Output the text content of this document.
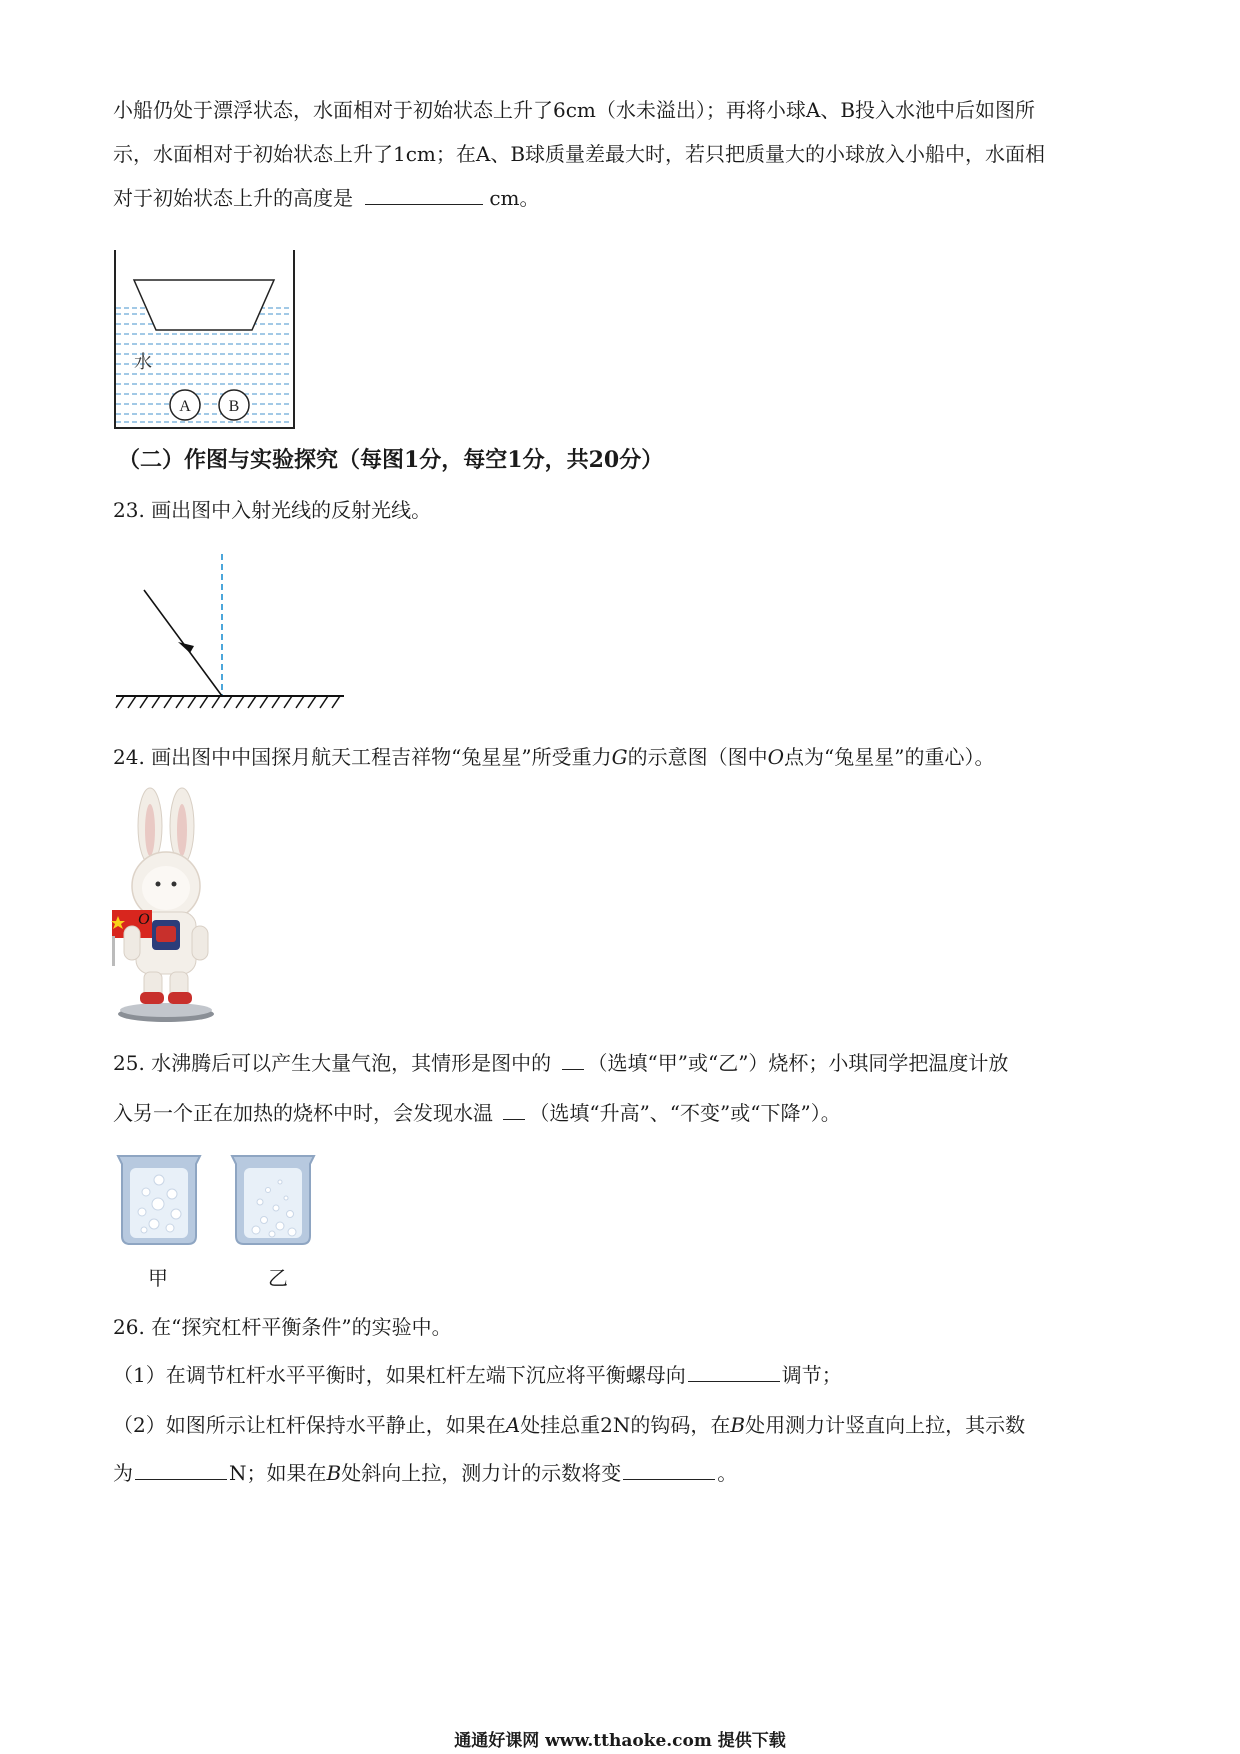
小船仍处于漂浮状态，水面相对于初始状态上升了6cm（水未溢出）；再将小球A、B投入水池中后如图所
示，水面相对于初始状态上升了1cm；在A、B球质量差最大时，若只把质量大的小球放入小船中，水面相
对于初始状态上升的高度是	cm。
水
A B
（二）作图与实验探究（每图1分，每空1分，共20分）
23. 画出图中入射光线的反射光线。
24. 画出图中中国探月航天工程吉祥物“兔星星”所受重力G的示意图（图中O点为“兔星星”的重心）。
O
25. 水沸腾后可以产生大量气泡，其情形是图中的 （选填“甲”或“乙”）烧杯；小琪同学把温度计放
入另一个正在加热的烧杯中时，会发现水温 （选填“升高”、“不变”或“下降”）。
甲	乙
26. 在“探究杠杆平衡条件”的实验中。
（1）在调节杠杆水平平衡时，如果杠杆左端下沉应将平衡螺母向	调节；
（2）如图所示让杠杆保持水平静止，如果在A处挂总重2N的钩码，在B处用测力计竖直向上拉，其示数
为	N；如果在B处斜向上拉，测力计的示数将变	。
通通好课网 www.tthaoke.com 提供下载
